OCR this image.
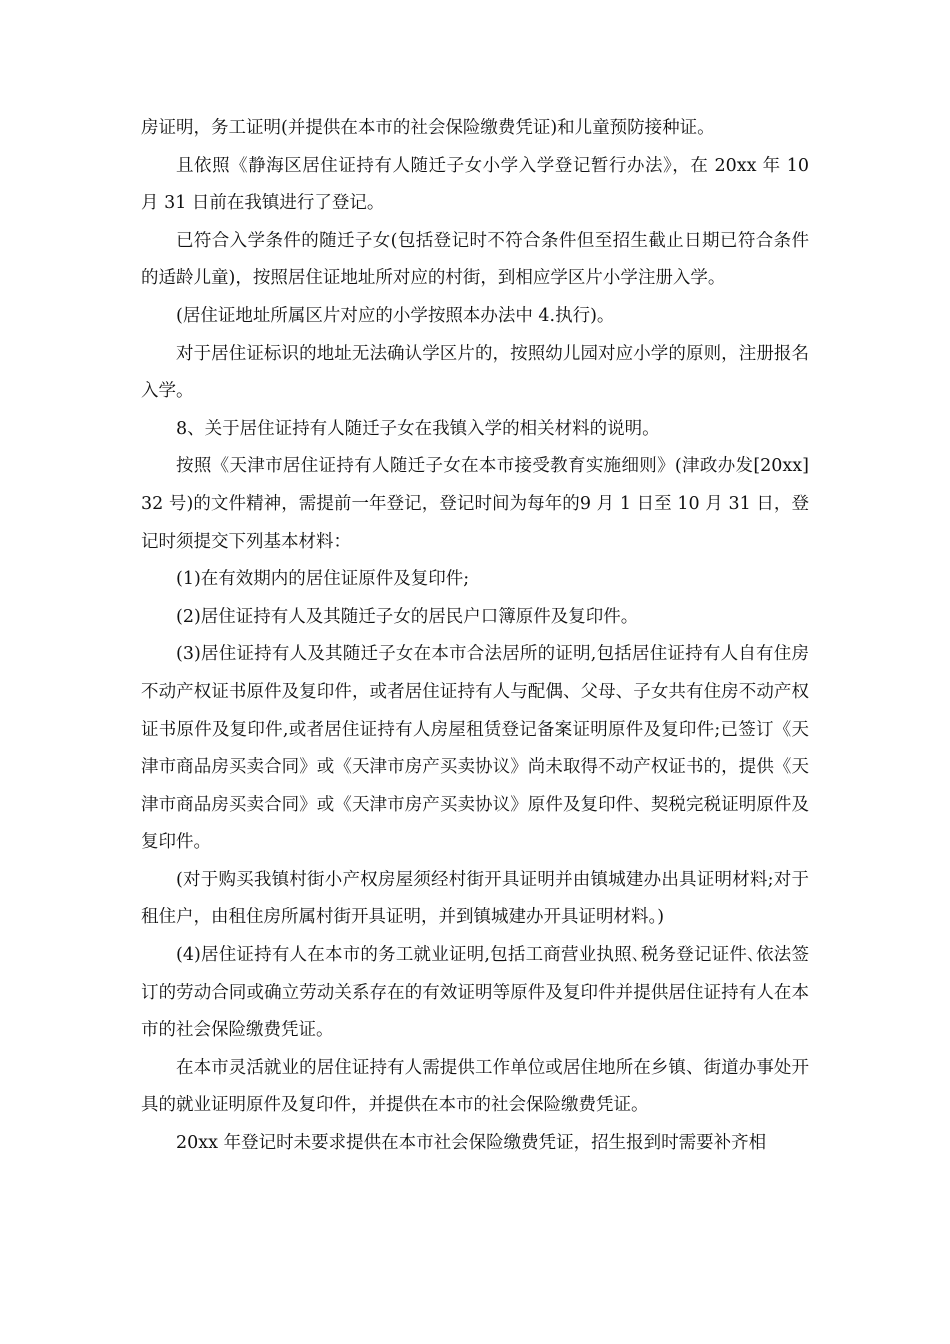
房证明，务工证明(并提供在本市的社会保险缴费凭证)和儿童预防接种证。

且依照《静海区居住证持有人随迁子女小学入学登记暂行办法》，在 20xx 年 10 月 31 日前在我镇进行了登记。

已符合入学条件的随迁子女(包括登记时不符合条件但至招生截止日期已符合条件的适龄儿童)，按照居住证地址所对应的村街，到相应学区片小学注册入学。

(居住证地址所属区片对应的小学按照本办法中 4.执行)。

对于居住证标识的地址无法确认学区片的，按照幼儿园对应小学的原则，注册报名入学。

8、关于居住证持有人随迁子女在我镇入学的相关材料的说明。

按照《天津市居住证持有人随迁子女在本市接受教育实施细则》(津政办发[20xx]32 号)的文件精神，需提前一年登记，登记时间为每年的9 月 1 日至 10 月 31 日，登记时须提交下列基本材料：

(1)在有效期内的居住证原件及复印件;

(2)居住证持有人及其随迁子女的居民户口簿原件及复印件。

(3)居住证持有人及其随迁子女在本市合法居所的证明,包括居住证持有人自有住房不动产权证书原件及复印件，或者居住证持有人与配偶、父母、子女共有住房不动产权证书原件及复印件,或者居住证持有人房屋租赁登记备案证明原件及复印件;已签订《天津市商品房买卖合同》或《天津市房产买卖协议》尚未取得不动产权证书的，提供《天津市商品房买卖合同》或《天津市房产买卖协议》原件及复印件、契税完税证明原件及复印件。

(对于购买我镇村街小产权房屋须经村街开具证明并由镇城建办出具证明材料;对于租住户，由租住房所属村街开具证明，并到镇城建办开具证明材料。)

(4)居住证持有人在本市的务工就业证明,包括工商营业执照､税务登记证件､依法签订的劳动合同或确立劳动关系存在的有效证明等原件及复印件并提供居住证持有人在本市的社会保险缴费凭证。

在本市灵活就业的居住证持有人需提供工作单位或居住地所在乡镇、街道办事处开具的就业证明原件及复印件，并提供在本市的社会保险缴费凭证。

20xx 年登记时未要求提供在本市社会保险缴费凭证，招生报到时需要补齐相
